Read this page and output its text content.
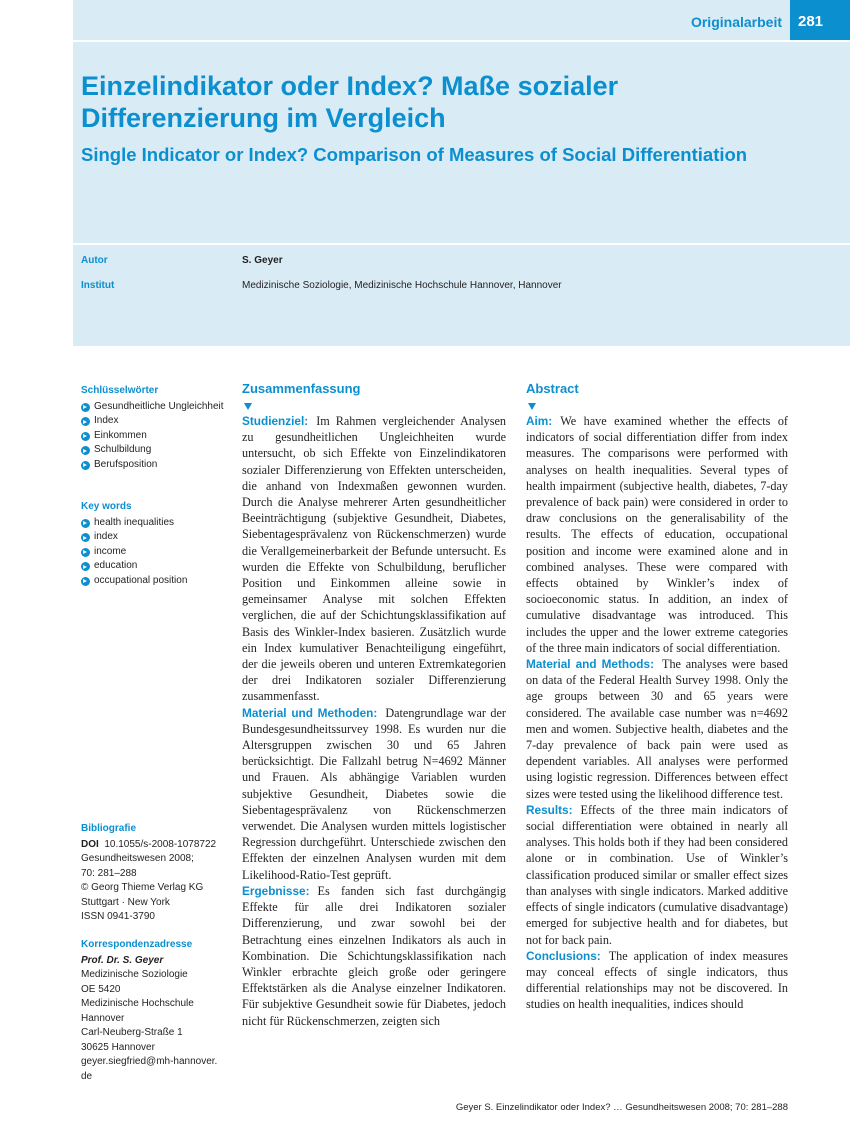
Originalarbeit	281
Einzelindikator oder Index? Maße sozialer Differenzierung im Vergleich
Single Indicator or Index? Comparison of Measures of Social Differentiation
Autor	S. Geyer
Institut	Medizinische Soziologie, Medizinische Hochschule Hannover, Hannover
Schlüsselwörter
Gesundheitliche Ungleichheit
Index
Einkommen
Schulbildung
Berufsposition
Key words
health inequalities
index
income
education
occupational position
Bibliografie
DOI 10.1055/s-2008-1078722
Gesundheitswesen 2008;
70: 281–288
© Georg Thieme Verlag KG
Stuttgart · New York
ISSN 0941-3790
Korrespondenzadresse
Prof. Dr. S. Geyer
Medizinische Soziologie
OE 5420
Medizinische Hochschule
Hannover
Carl-Neuberg-Straße 1
30625 Hannover
geyer.siegfried@mh-hannover.
de
Zusammenfassung

Studienziel: Im Rahmen vergleichender Analysen zu gesundheitlichen Ungleichheiten wurde untersucht, ob sich Effekte von Einzelindikatoren sozialer Differenzierung von Effekten unterscheiden, die anhand von Indexmaßen gewonnen wurden. Durch die Analyse mehrerer Arten gesundheitlicher Beeinträchtigung (subjektive Gesundheit, Diabetes, Siebentagesprävalenz von Rückenschmerzen) wurde die Verallgemeinerbarkeit der Befunde untersucht. Es wurden die Effekte von Schulbildung, beruflicher Position und Einkommen alleine sowie in gemeinsamer Analyse mit solchen Effekten verglichen, die auf der Schichtungsklassifikation auf Basis des Winkler-Index basieren. Zusätzlich wurde ein Index kumulativer Benachteiligung eingeführt, der die jeweils oberen und unteren Extremkategorien der drei Indikatoren sozialer Differenzierung zusammenfasst.

Material und Methoden: Datengrundlage war der Bundesgesundheitssurvey 1998. Es wurden nur die Altersgruppen zwischen 30 und 65 Jahren berücksichtigt. Die Fallzahl betrug N=4692 Männer und Frauen. Als abhängige Variablen wurden subjektive Gesundheit, Diabetes sowie die Siebentagesprävalenz von Rückenschmerzen verwendet. Die Analysen wurden mittels logistischer Regression durchgeführt. Unterschiede zwischen den Effekten der einzelnen Analysen wurden mit dem Likelihood-Ratio-Test geprüft.

Ergebnisse: Es fanden sich fast durchgängig Effekte für alle drei Indikatoren sozialer Differenzierung, und zwar sowohl bei der Betrachtung eines einzelnen Indikators als auch in Kombination. Die Schichtungsklassifikation nach Winkler erbrachte gleich große oder geringere Effektstärken als die Analyse einzelner Indikatoren. Für subjektive Gesundheit sowie für Diabetes, jedoch nicht für Rückenschmerzen, zeigten sich

Abstract

Aim: We have examined whether the effects of indicators of social differentiation differ from index measures. The comparisons were performed with analyses on health inequalities. Several types of health impairment (subjective health, diabetes, 7-day prevalence of back pain) were considered in order to draw conclusions on the generalisability of the results. The effects of education, occupational position and income were examined alone and in combined analyses. These were compared with effects obtained by Winkler’s index of socioeconomic status. In addition, an index of cumulative disadvantage was introduced. This includes the upper and the lower extreme categories of the three main indicators of social differentiation.

Material and Methods: The analyses were based on data of the Federal Health Survey 1998. Only the age groups between 30 and 65 years were considered. The available case number was n=4692 men and women. Subjective health, diabetes and the 7-day prevalence of back pain were used as dependent variables. All analyses were performed using logistic regression. Differences between effect sizes were tested using the likelihood difference test.

Results: Effects of the three main indicators of social differentiation were obtained in nearly all analyses. This holds both if they had been considered alone or in combination. Use of Winkler’s classification produced similar or smaller effect sizes than analyses with single indicators. Marked additive effects of single indicators (cumulative disadvantage) emerged for subjective health and for diabetes, but not for back pain.

Conclusions: The application of index measures may conceal effects of single indicators, thus differential relationships may not be discovered. In studies on health inequalities, indices should

Geyer S. Einzelindikator oder Index? … Gesundheitswesen 2008; 70: 281–288
